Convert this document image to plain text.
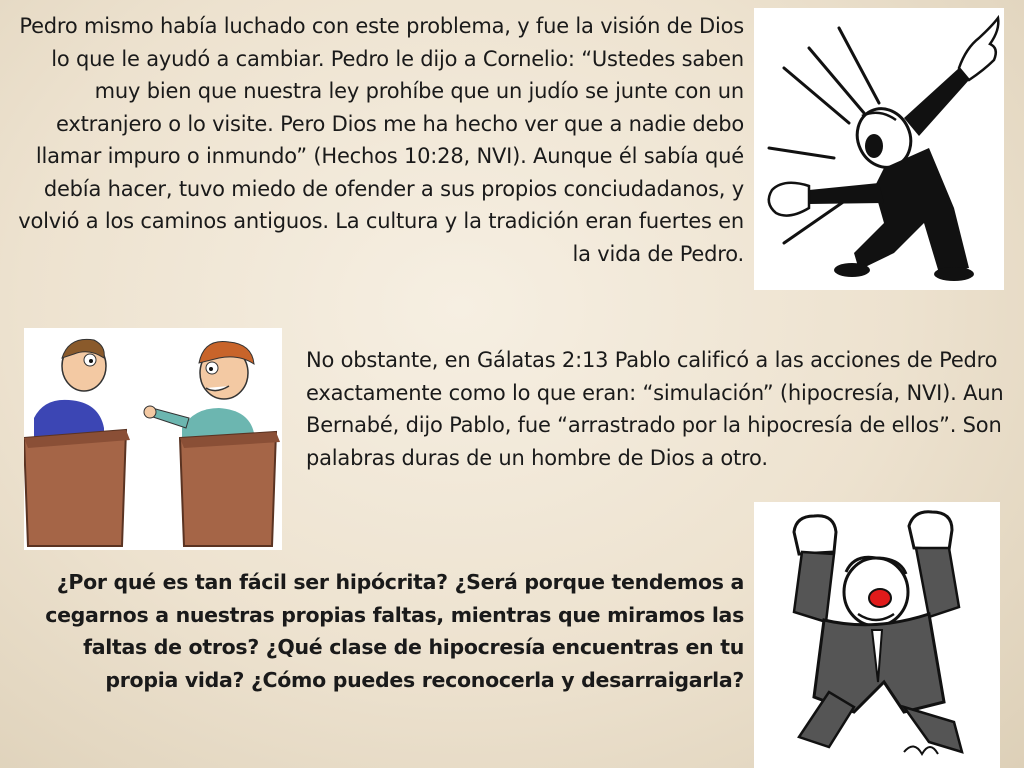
Pedro mismo había luchado con este problema, y fue la visión de Dios lo que le ayudó a cambiar. Pedro le dijo a Cornelio: “Ustedes saben muy bien que nuestra ley prohíbe que un judío se junte con un extranjero o lo visite. Pero Dios me ha hecho ver que a nadie debo llamar impuro o inmundo” (Hechos 10:28, NVI). Aunque él sabía qué debía hacer, tuvo miedo de ofender a sus propios conciudadanos, y volvió a los caminos antiguos. La cultura y la tradición eran fuertes en la vida de Pedro.

No obstante, en Gálatas 2:13 Pablo calificó a las acciones de Pedro exactamente como lo que eran: “simulación” (hipocresía, NVI). Aun Bernabé, dijo Pablo, fue “arrastrado por la hipocresía de ellos”. Son palabras duras de un hombre de Dios a otro.

¿Por qué es tan fácil ser hipócrita? ¿Será porque tendemos a cegarnos a nuestras propias faltas, mientras que miramos las faltas de otros? ¿Qué clase de hipocresía encuentras en tu propia vida? ¿Cómo puedes reconocerla y desarraigarla?
